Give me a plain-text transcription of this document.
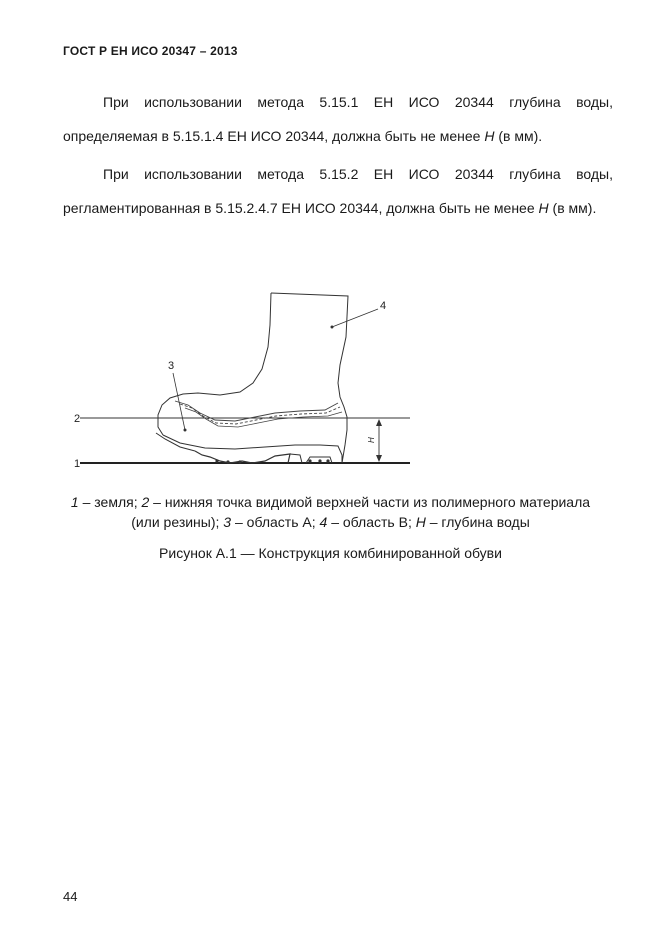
ГОСТ Р ЕН ИСО 20347 – 2013

При использовании метода 5.15.1 ЕН ИСО 20344 глубина воды, определяемая в 5.15.1.4 ЕН ИСО 20344, должна быть не менее H (в мм).

При использовании метода 5.15.2 ЕН ИСО 20344 глубина воды, регламентированная в 5.15.2.4.7 ЕН ИСО 20344, должна быть не менее H (в мм).

1
2
3
4
H
1 – земля; 2 – нижняя точка видимой верхней части из полимерного материала (или резины); 3 – область А; 4 – область В; H – глубина воды
Рисунок А.1 — Конструкция комбинированной обуви
44
